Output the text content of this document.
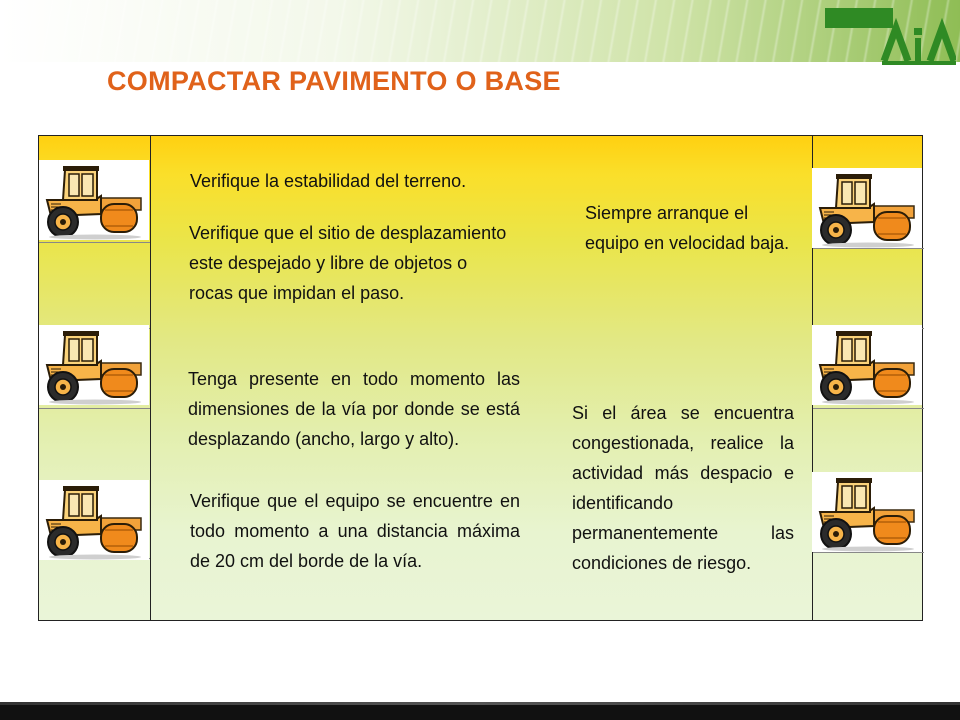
COMPACTAR PAVIMENTO O BASE
Verifique la estabilidad del terreno.
Verifique que el sitio de desplazamiento este despejado y libre de objetos o rocas que impidan el paso.
Tenga presente en todo momento las dimensiones de la vía por donde se está desplazando (ancho, largo y alto).
Verifique que el equipo se encuentre en todo momento a una distancia máxima de 20 cm del borde de la vía.
Siempre arranque el equipo en velocidad baja.
Si el área se encuentra congestionada, realice la actividad más despacio e identificando permanentemente las condiciones de riesgo.
